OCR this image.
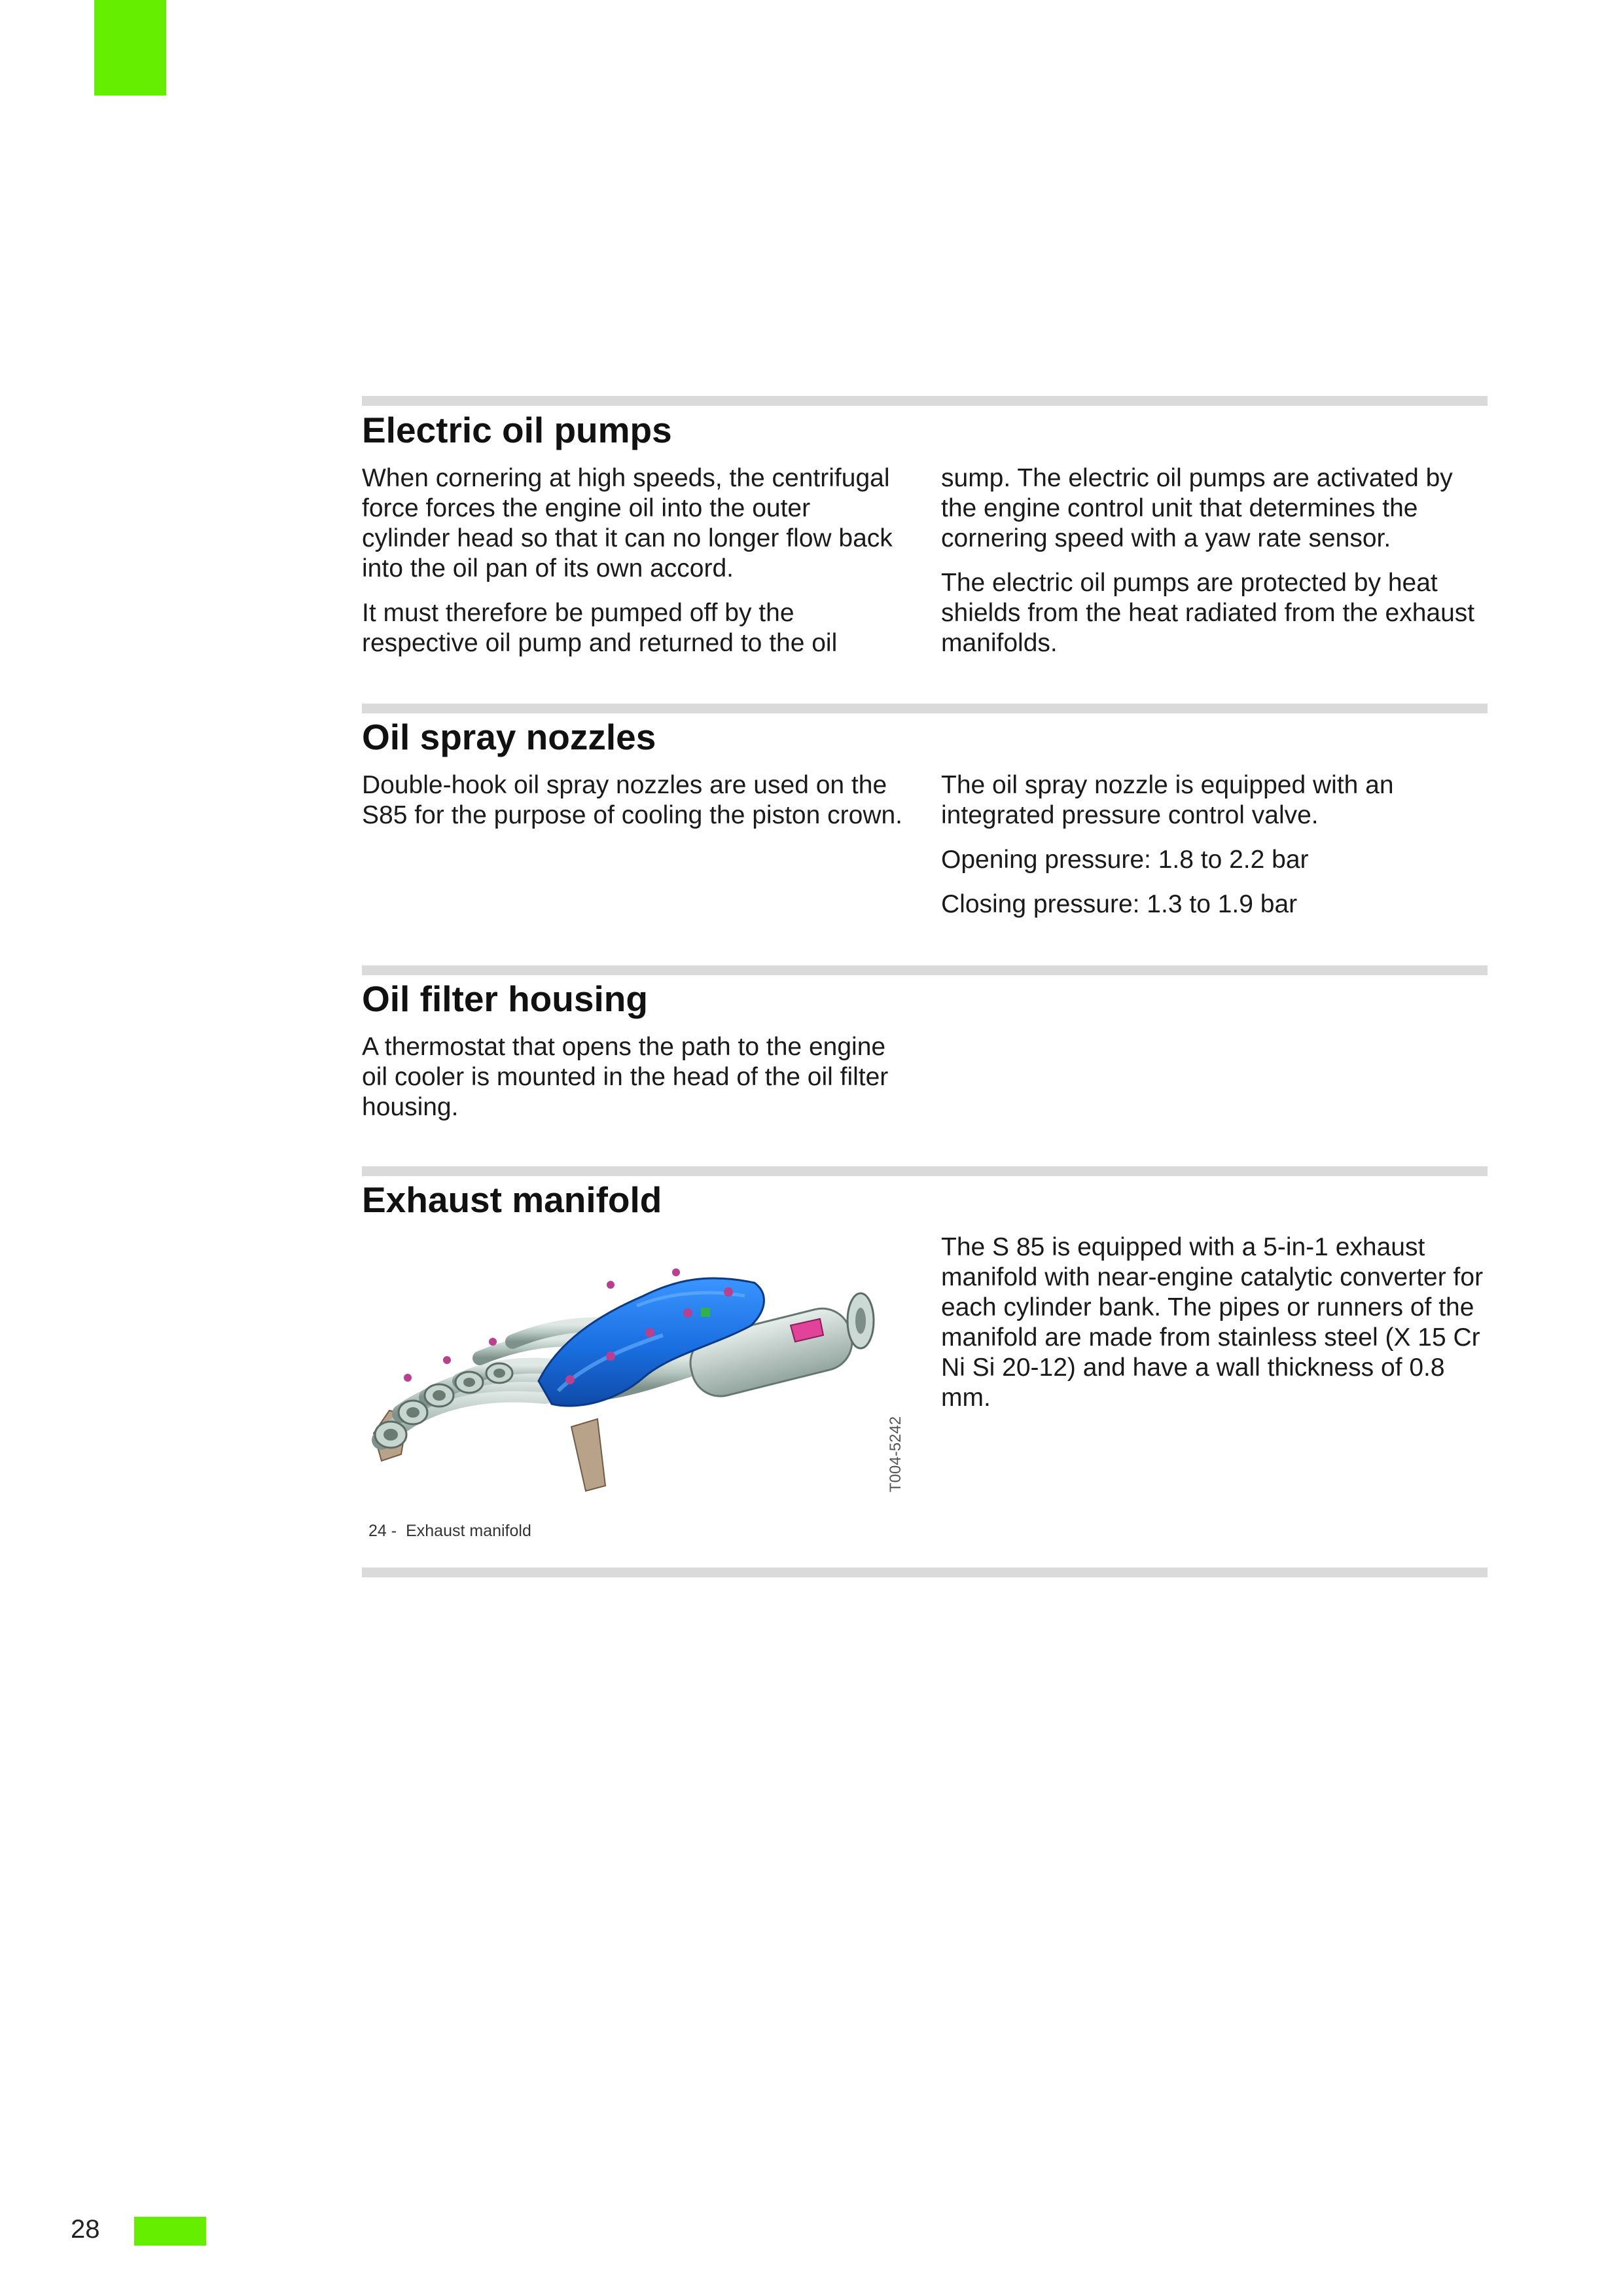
Electric oil pumps

When cornering at high speeds, the centrifugal force forces the engine oil into the outer cylinder head so that it can no longer flow back into the oil pan of its own accord.

It must therefore be pumped off by the respective oil pump and returned to the oil

sump. The electric oil pumps are activated by the engine control unit that determines the cornering speed with a yaw rate sensor.

The electric oil pumps are protected by heat shields from the heat radiated from the exhaust manifolds.

Oil spray nozzles

Double-hook oil spray nozzles are used on the S85 for the purpose of cooling the piston crown.

The oil spray nozzle is equipped with an integrated pressure control valve.

Opening pressure: 1.8 to 2.2 bar

Closing pressure: 1.3 to 1.9 bar

Oil filter housing

A thermostat that opens the path to the engine oil cooler is mounted in the head of the oil filter housing.

Exhaust manifold

The S 85 is equipped with a 5-in-1 exhaust manifold with near-engine catalytic converter for each cylinder bank. The pipes or runners of the manifold are made from stainless steel (X 15 Cr Ni Si 20-12) and have a wall thickness of 0.8 mm.

T004-5242
24 - Exhaust manifold
28
